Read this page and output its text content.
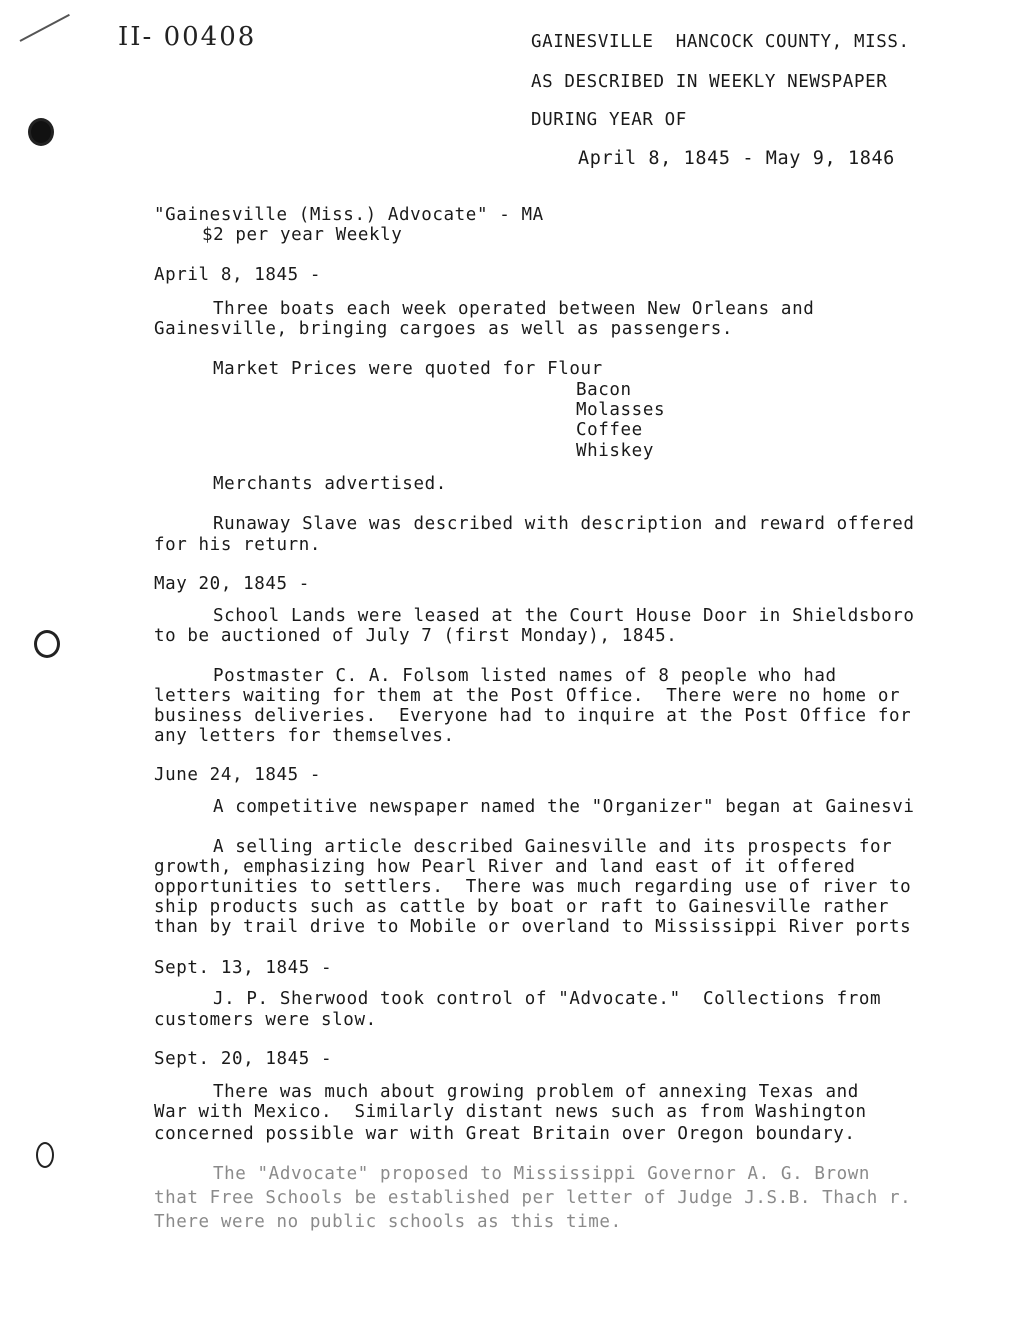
II- 00408	GAINESVILLE  HANCOCK COUNTY, MISS.
AS DESCRIBED IN WEEKLY NEWSPAPER
DURING YEAR OF
April 8, 1845 - May 9, 1846
"Gainesville (Miss.) Advocate" - MA
$2 per year Weekly
April 8, 1845 -
Three boats each week operated between New Orleans and
Gainesville, bringing cargoes as well as passengers.
Market Prices were quoted for Flour
Bacon
Molasses
Coffee
Whiskey
Merchants advertised.
Runaway Slave was described with description and reward offered
for his return.
May 20, 1845 -
School Lands were leased at the Court House Door in Shieldsboro
to be auctioned of July 7 (first Monday), 1845.
Postmaster C. A. Folsom listed names of 8 people who had
letters waiting for them at the Post Office.  There were no home or
business deliveries.  Everyone had to inquire at the Post Office for
any letters for themselves.
June 24, 1845 -
A competitive newspaper named the "Organizer" began at Gainesvi
A selling article described Gainesville and its prospects for
growth, emphasizing how Pearl River and land east of it offered
opportunities to settlers.  There was much regarding use of river to
ship products such as cattle by boat or raft to Gainesville rather
than by trail drive to Mobile or overland to Mississippi River ports
Sept. 13, 1845 -
J. P. Sherwood took control of "Advocate."  Collections from
customers were slow.
Sept. 20, 1845 -
There was much about growing problem of annexing Texas and
War with Mexico.  Similarly distant news such as from Washington
concerned possible war with Great Britain over Oregon boundary.
The "Advocate" proposed to Mississippi Governor A. G. Brown
that Free Schools be established per letter of Judge J.S.B. Thach r.
There were no public schools as this time.
